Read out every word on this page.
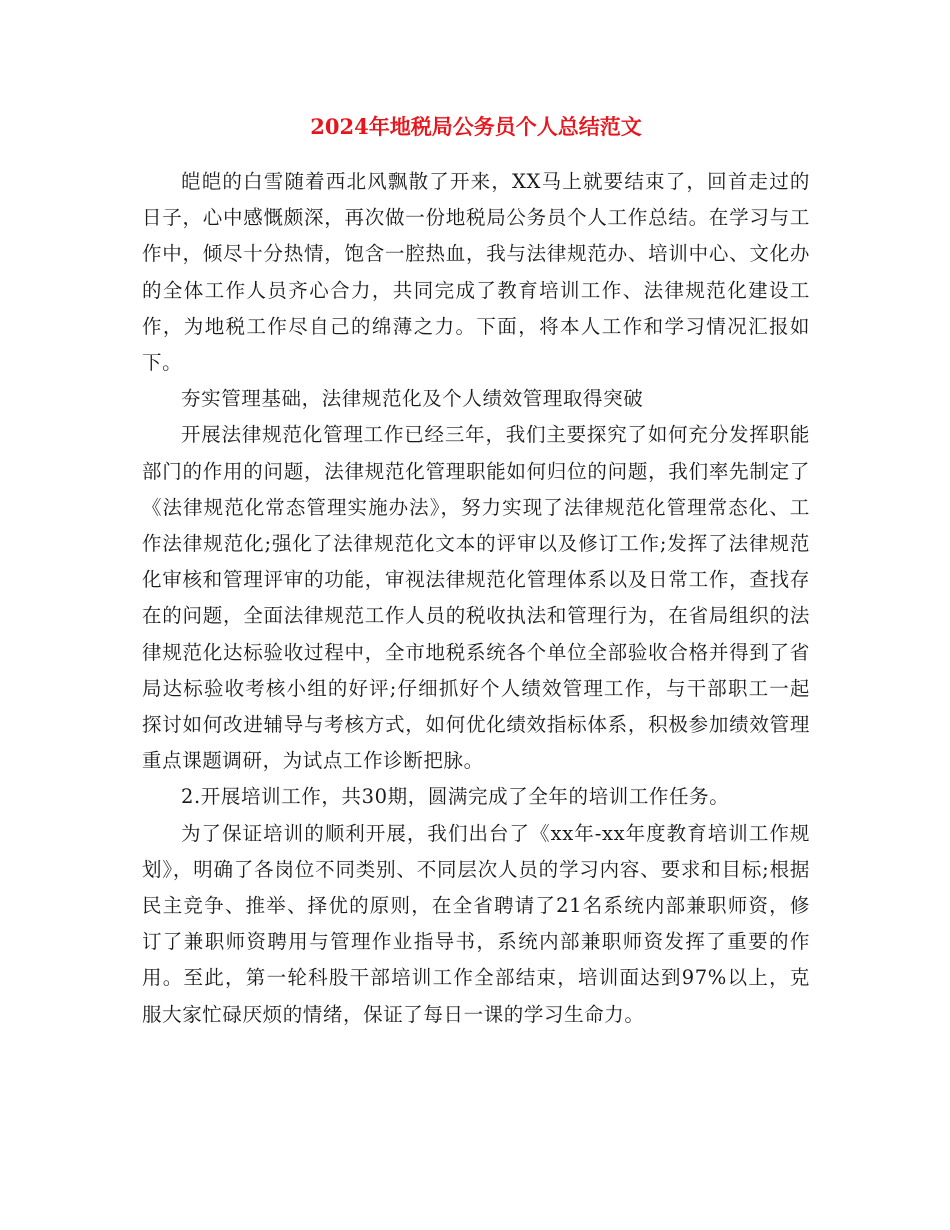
2024年地税局公务员个人总结范文

皑皑的白雪随着西北风飘散了开来，XX马上就要结束了，回首走过的日子，心中感慨颇深，再次做一份地税局公务员个人工作总结。在学习与工作中，倾尽十分热情，饱含一腔热血，我与法律规范办、培训中心、文化办的全体工作人员齐心合力，共同完成了教育培训工作、法律规范化建设工作，为地税工作尽自己的绵薄之力。下面，将本人工作和学习情况汇报如下。

夯实管理基础，法律规范化及个人绩效管理取得突破

开展法律规范化管理工作已经三年，我们主要探究了如何充分发挥职能部门的作用的问题，法律规范化管理职能如何归位的问题，我们率先制定了《法律规范化常态管理实施办法》，努力实现了法律规范化管理常态化、工作法律规范化;强化了法律规范化文本的评审以及修订工作;发挥了法律规范化审核和管理评审的功能，审视法律规范化管理体系以及日常工作，查找存在的问题，全面法律规范工作人员的税收执法和管理行为，在省局组织的法律规范化达标验收过程中，全市地税系统各个单位全部验收合格并得到了省局达标验收考核小组的好评;仔细抓好个人绩效管理工作，与干部职工一起探讨如何改进辅导与考核方式，如何优化绩效指标体系，积极参加绩效管理重点课题调研，为试点工作诊断把脉。

2.开展培训工作，共30期，圆满完成了全年的培训工作任务。

为了保证培训的顺利开展，我们出台了《xx年-xx年度教育培训工作规划》，明确了各岗位不同类别、不同层次人员的学习内容、要求和目标;根据民主竞争、推举、择优的原则，在全省聘请了21名系统内部兼职师资，修订了兼职师资聘用与管理作业指导书，系统内部兼职师资发挥了重要的作用。至此，第一轮科股干部培训工作全部结束，培训面达到97%以上，克服大家忙碌厌烦的情绪，保证了每日一课的学习生命力。
